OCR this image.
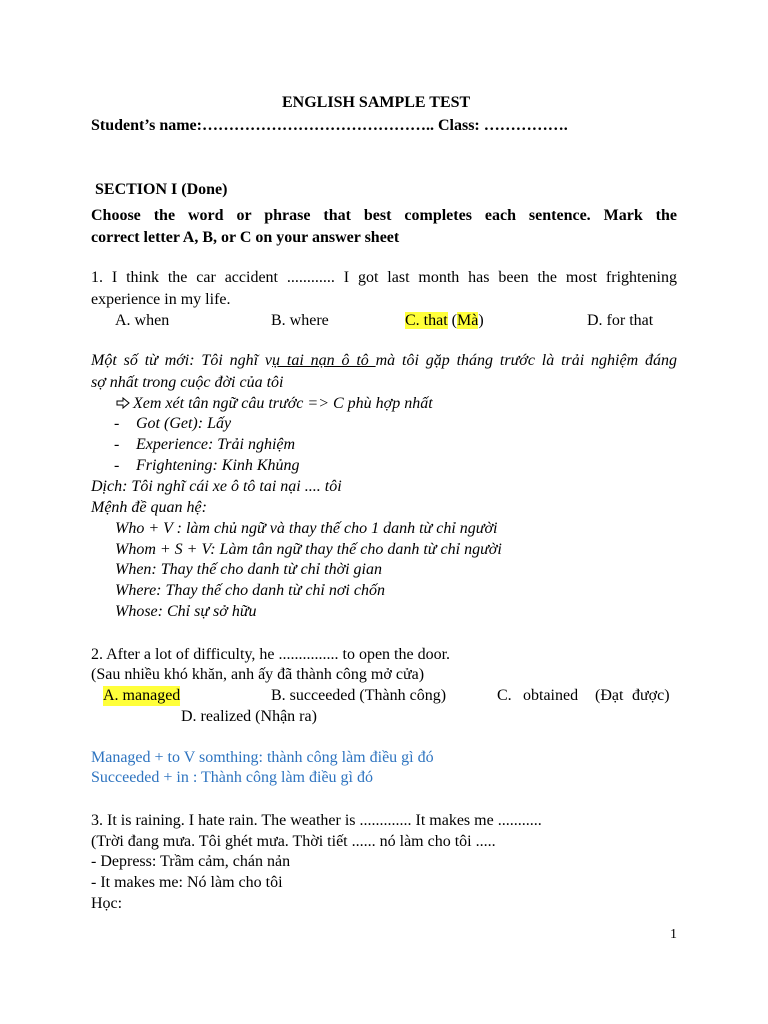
ENGLISH SAMPLE TEST
Student’s name:…………………………………….. Class: …………….
SECTION I (Done)
Choose the word or phrase that best completes each sentence. Mark the
correct letter A, B, or C on your answer sheet
1. I think the car accident ............ I got last month has been the most frightening
experience in my life.
A. when	B. where	C. that (Mà)	D. for that
Một số từ mới: Tôi nghĩ vụ tai nạn ô tô mà tôi gặp tháng trước là trải nghiệm đáng
sợ nhất trong cuộc đời của tôi
Xem xét tân ngữ câu trước => C phù hợp nhất
- Got (Get): Lấy
- Experience: Trải nghiệm
- Frightening: Kinh Khủng
Dịch: Tôi nghĩ cái xe ô tô tai nại .... tôi
Mệnh đề quan hệ:
Who + V : làm chủ ngữ và thay thế cho 1 danh từ chỉ người
Whom + S + V: Làm tân ngữ thay thế cho danh từ chỉ người
When: Thay thế cho danh từ chỉ thời gian
Where: Thay thế cho danh từ chỉ nơi chốn
Whose: Chỉ sự sở hữu
2. After a lot of difficulty, he ............... to open the door.
(Sau nhiều khó khăn, anh ấy đã thành công mở cửa)
A. managed	B. succeeded (Thành công)	C. obtained (Đạt được)
D. realized (Nhận ra)
Managed + to V somthing: thành công làm điều gì đó
Succeeded + in : Thành công làm điều gì đó
3. It is raining. I hate rain. The weather is ............. It makes me ...........
(Trời đang mưa. Tôi ghét mưa. Thời tiết ...... nó làm cho tôi .....
- Depress: Trầm cảm, chán nản
- It makes me: Nó làm cho tôi
Học:
1
